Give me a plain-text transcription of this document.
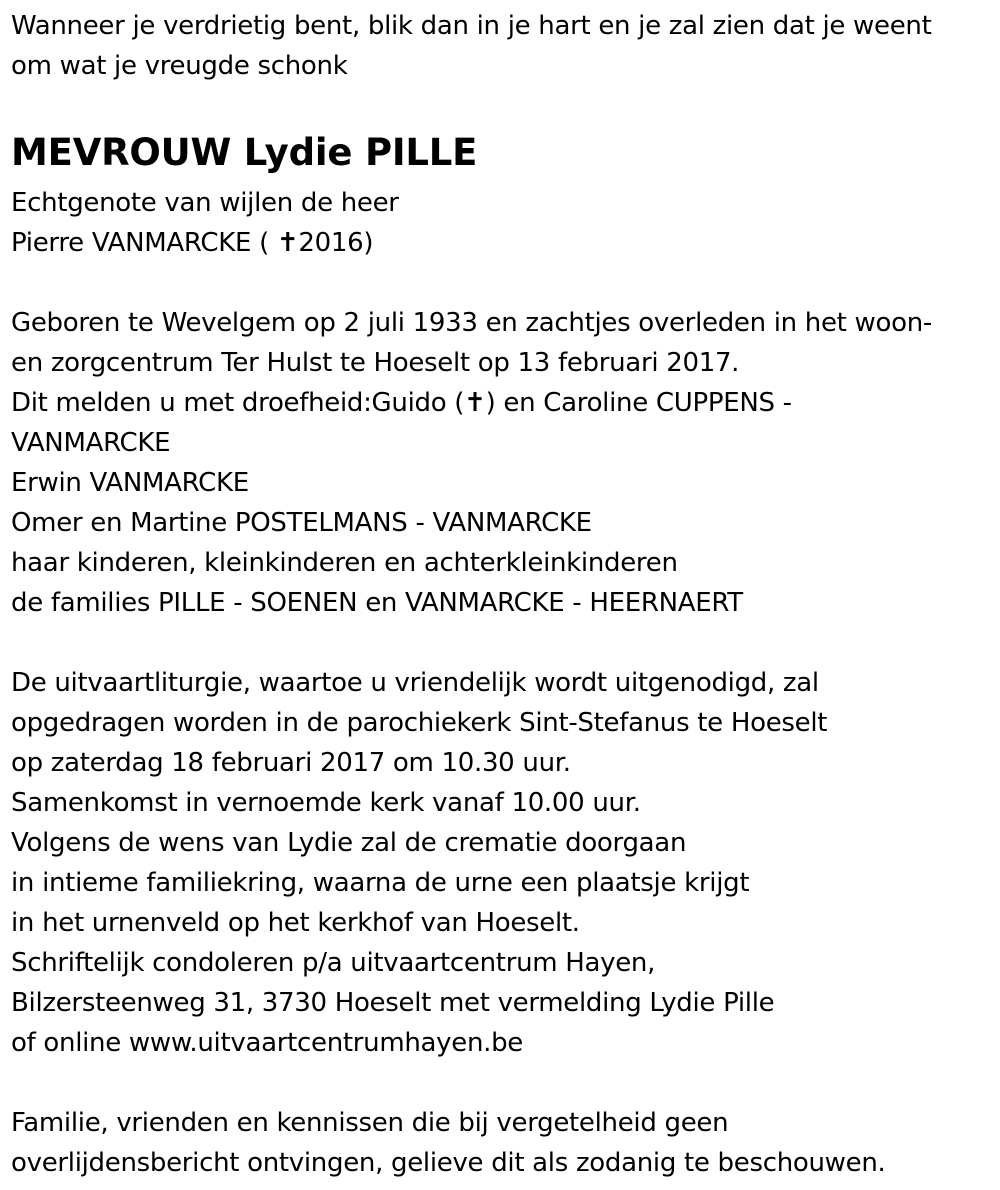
Wanneer je verdrietig bent, blik dan in je hart en je zal zien dat je weent
om wat je vreugde schonk
MEVROUW Lydie PILLE
Echtgenote van wijlen de heer
Pierre VANMARCKE ( ✝2016)
Geboren te Wevelgem op 2 juli 1933 en zachtjes overleden in het woon-
en zorgcentrum Ter Hulst te Hoeselt op 13 februari 2017.
Dit melden u met droefheid:Guido (✝) en Caroline CUPPENS -
VANMARCKE
Erwin VANMARCKE
Omer en Martine POSTELMANS - VANMARCKE
haar kinderen, kleinkinderen en achterkleinkinderen
de families PILLE - SOENEN en VANMARCKE - HEERNAERT
De uitvaartliturgie, waartoe u vriendelijk wordt uitgenodigd, zal
opgedragen worden in de parochiekerk Sint-Stefanus te Hoeselt
op zaterdag 18 februari 2017 om 10.30 uur.
Samenkomst in vernoemde kerk vanaf 10.00 uur.
Volgens de wens van Lydie zal de crematie doorgaan
in intieme familiekring, waarna de urne een plaatsje krijgt
in het urnenveld op het kerkhof van Hoeselt.
Schriftelijk condoleren p/a uitvaartcentrum Hayen,
Bilzersteenweg 31, 3730 Hoeselt met vermelding Lydie Pille
of online www.uitvaartcentrumhayen.be
Familie, vrienden en kennissen die bij vergetelheid geen
overlijdensbericht ontvingen, gelieve dit als zodanig te beschouwen.
